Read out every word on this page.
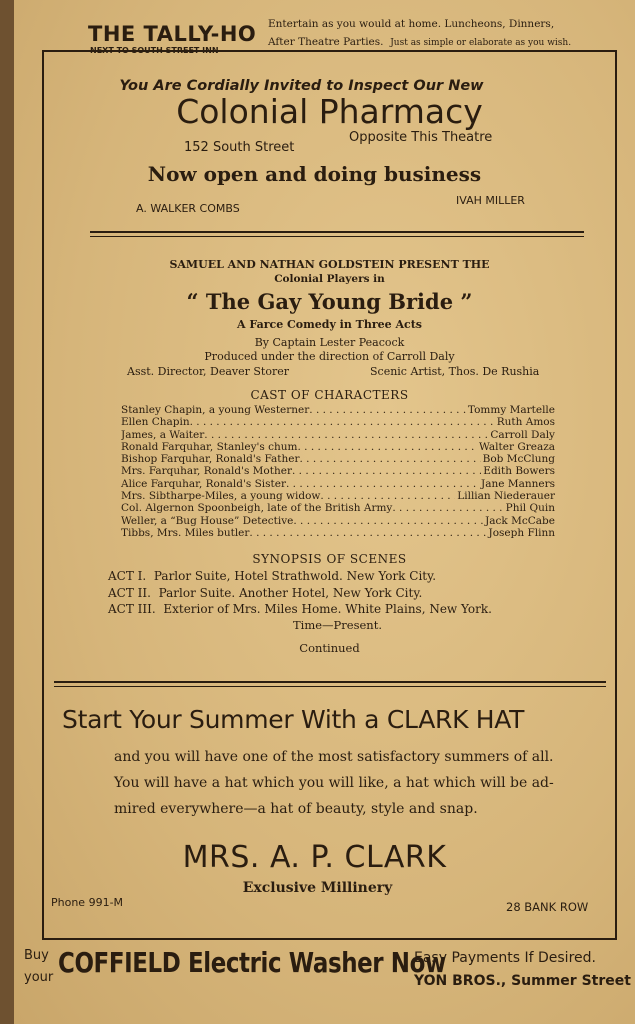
THE TALLY-HO
NEXT TO SOUTH STREET INN
Entertain as you would at home. Luncheons, Dinners,
After Theatre Parties. Just as simple or elaborate as you wish.
You Are Cordially Invited to Inspect Our New
Colonial Pharmacy
152 South Street
Opposite This Theatre
Now open and doing business
A. WALKER COMBS
IVAH MILLER
SAMUEL AND NATHAN GOLDSTEIN PRESENT THE
Colonial Players in
“ The Gay Young Bride ”
A Farce Comedy in Three Acts
By Captain Lester Peacock
Produced under the direction of Carroll Daly
Asst. Director, Deaver Storer	Scenic Artist, Thos. De Rushia
CAST OF CHARACTERS
Stanley Chapin, a young Westerner . . .	Tommy Martelle
Ellen Chapin . . .	Ruth Amos
James, a Waiter . . .	Carroll Daly
Ronald Farquhar, Stanley's chum . . .	Walter Greaza
Bishop Farquhar, Ronald's Father . . .	Bob McClung
Mrs. Farquhar, Ronald's Mother . . .	Edith Bowers
Alice Farquhar, Ronald's Sister . . .	Jane Manners
Mrs. Sibtharpe-Miles, a young widow . . .	Lillian Niederauer
Col. Algernon Spoonbeigh, late of the British Army . . .	Phil Quin
Weller, a “Bug House” Detective . . .	Jack McCabe
Tibbs, Mrs. Miles butler . . .	Joseph Flinn
SYNOPSIS OF SCENES
ACT I. Parlor Suite, Hotel Strathwold. New York City.
ACT II. Parlor Suite. Another Hotel, New York City.
ACT III. Exterior of Mrs. Miles Home. White Plains, New York.
Time—Present.
Continued
Start Your Summer With a CLARK HAT
and you will have one of the most satisfactory summers of all.
You will have a hat which you will like, a hat which will be ad-
mired everywhere—a hat of beauty, style and snap.
MRS. A. P. CLARK
Exclusive Millinery
Phone 991-M	28 BANK ROW
Buy
your COFFIELD Electric Washer Now
Easy Payments If Desired.
YON BROS., Summer Street
